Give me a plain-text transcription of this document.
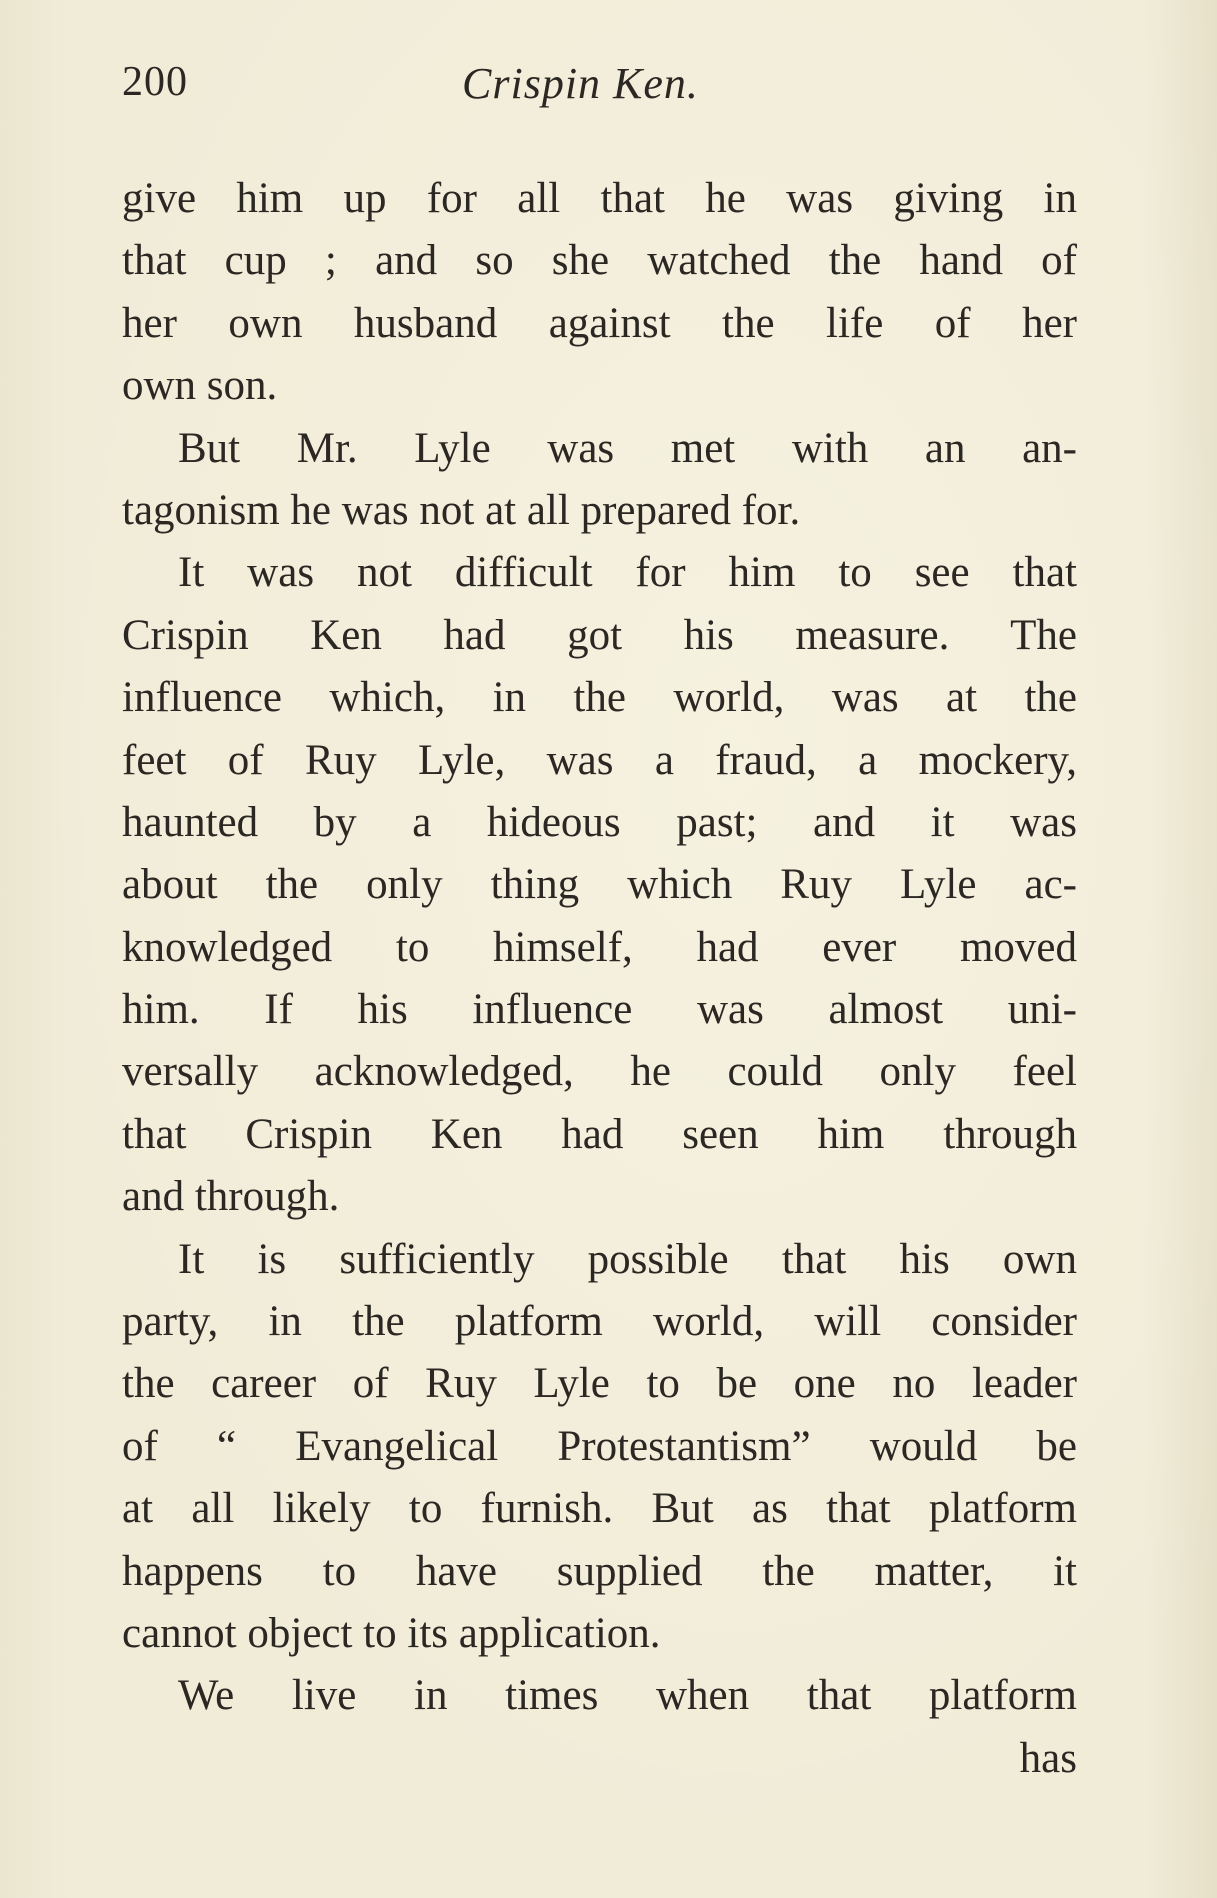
200	Crispin Ken.
give him up for all that he was giving in
that cup ; and so she watched the hand of
her own husband against the life of her
own son.
But Mr. Lyle was met with an an-
tagonism he was not at all prepared for.
It was not difficult for him to see that
Crispin Ken had got his measure. The
influence which, in the world, was at the
feet of Ruy Lyle, was a fraud, a mockery,
haunted by a hideous past; and it was
about the only thing which Ruy Lyle ac-
knowledged to himself, had ever moved
him. If his influence was almost uni-
versally acknowledged, he could only feel
that Crispin Ken had seen him through
and through.
It is sufficiently possible that his own
party, in the platform world, will consider
the career of Ruy Lyle to be one no leader
of “ Evangelical Protestantism” would be
at all likely to furnish. But as that platform
happens to have supplied the matter, it
cannot object to its application.
We live in times when that platform
has
